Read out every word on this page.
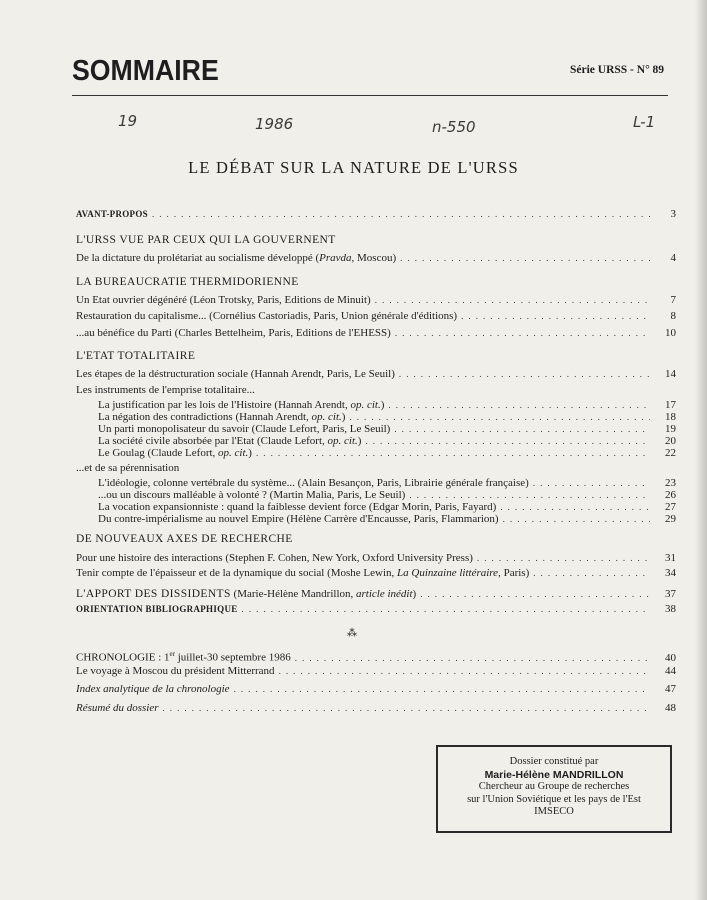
SOMMAIRE	Série URSS - N° 89
19	1986	n-550	L-1
LE DÉBAT SUR LA NATURE DE L'URSS
AVANT-PROPOS . . .	3
L'URSS VUE PAR CEUX QUI LA GOUVERNENT
De la dictature du prolétariat au socialisme développé (Pravda, Moscou) . . .	4
LA BUREAUCRATIE THERMIDORIENNE
Un Etat ouvrier dégénéré (Léon Trotsky, Paris, Editions de Minuit) . . .	7
Restauration du capitalisme... (Cornélius Castoriadis, Paris, Union générale d'éditions) . . .	8
...au bénéfice du Parti (Charles Bettelheim, Paris, Editions de l'EHESS) . . .	10
L'ETAT TOTALITAIRE
Les étapes de la déstructuration sociale (Hannah Arendt, Paris, Le Seuil) . . .	14
Les instruments de l'emprise totalitaire...
La justification par les lois de l'Histoire (Hannah Arendt, op. cit.) . . .	17
La négation des contradictions (Hannah Arendt, op. cit.) . . .	18
Un parti monopolisateur du savoir (Claude Lefort, Paris, Le Seuil) . . .	19
La société civile absorbée par l'Etat (Claude Lefort, op. cit.) . . .	20
Le Goulag (Claude Lefort, op. cit.) . . .	22
...et de sa pérennisation
L'idéologie, colonne vertébrale du système... (Alain Besançon, Paris, Librairie générale française) . . .	23
...ou un discours malléable à volonté ? (Martin Malia, Paris, Le Seuil) . . .	26
La vocation expansionniste : quand la faiblesse devient force (Edgar Morin, Paris, Fayard) . . .	27
Du contre-impérialisme au nouvel Empire (Hélène Carrère d'Encausse, Paris, Flammarion) . . .	29
DE NOUVEAUX AXES DE RECHERCHE
Pour une histoire des interactions (Stephen F. Cohen, New York, Oxford University Press) . . .	31
Tenir compte de l'épaisseur et de la dynamique du social (Moshe Lewin, La Quinzaine littéraire, Paris) . . .	34
L'APPORT DES DISSIDENTS (Marie-Hélène Mandrillon, article inédit) . . .	37
ORIENTATION BIBLIOGRAPHIQUE . . .	38
CHRONOLOGIE : 1er juillet-30 septembre 1986 . . .	40
Le voyage à Moscou du président Mitterrand . . .	44
Index analytique de la chronologie . . .	47
Résumé du dossier . . .	48
⁂
Dossier constitué par
Marie-Hélène MANDRILLON
Chercheur au Groupe de recherches
sur l'Union Soviétique et les pays de l'Est
IMSECO
